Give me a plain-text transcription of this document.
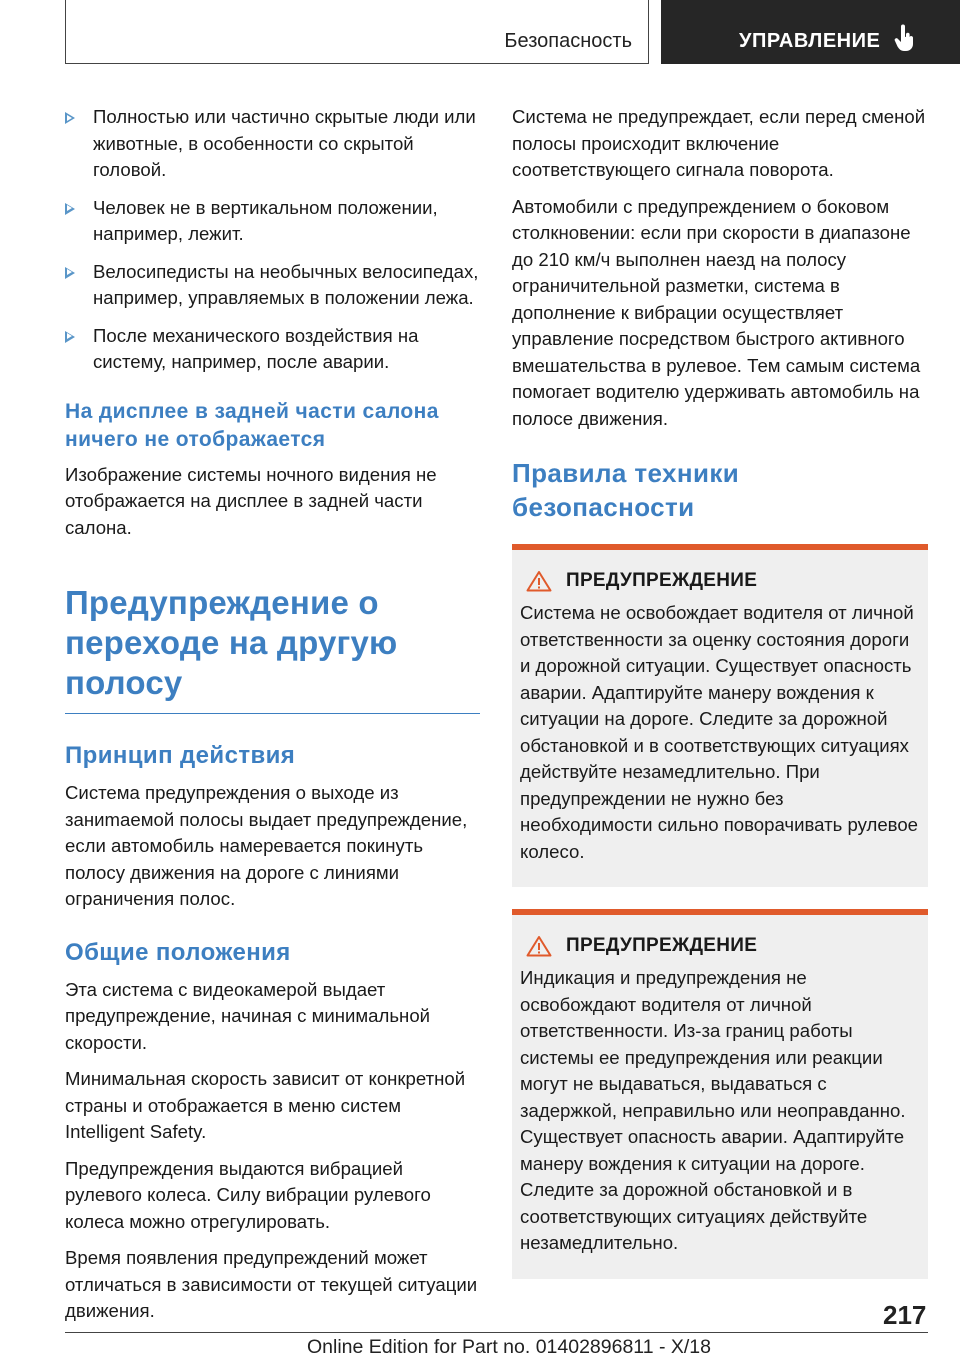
Безопасность	УПРАВЛЕНИЕ
Полностью или частично скрытые люди или животные, в особенности со скрытой головой.
Человек не в вертикальном положении, например, лежит.
Велосипедисты на необычных велосипедах, например, управляемых в положении лежа.
После механического воздействия на систему, например, после аварии.
На дисплее в задней части салона ничего не отображается

Изображение системы ночного видения не отображается на дисплее в задней части салона.

Предупреждение о переходе на другую полосу
Принцип действия

Система предупреждения о выходе из заниmaемой полосы выдает предупреждение, если автомобиль намеревается покинуть полосу движения на дороге с линиями ограничения полос.

Общие положения

Эта система с видеокамерой выдает предупреждение, начиная с минимальной скорости.

Минимальная скорость зависит от конкретной страны и отображается в меню систем Intelligent Safety.

Предупреждения выдаются вибрацией рулевого колеса. Силу вибрации рулевого колеса можно отрегулировать.

Время появления предупреждений может отличаться в зависимости от текущей ситуации движения.

Система не предупреждает, если перед сменой полосы происходит включение соответствующего сигнала поворота.

Автомобили с предупреждением о боковом столкновении: если при скорости в диапазоне до 210 км/ч выполнен наезд на полосу ограничительной разметки, система в дополнение к вибрации осуществляет управление посредством быстрого активного вмешательства в рулевое. Тем самым система помогает водителю удерживать автомобиль на полосе движения.

Правила техники безопасности
ПРЕДУПРЕЖДЕНИЕ

Система не освобождает водителя от личной ответственности за оценку состояния дороги и дорожной ситуации. Существует опасность аварии. Адаптируйте манеру вождения к ситуации на дороге. Следите за дорожной обстановкой и в соответствующих ситуациях действуйте незамедлительно. При предупреждении не нужно без необходимости сильно поворачивать рулевое колесо.

ПРЕДУПРЕЖДЕНИЕ

Индикация и предупреждения не освобождают водителя от личной ответственности. Из-за границ работы системы ее предупреждения или реакции могут не выдаваться, выдаваться с задержкой, неправильно или неоправданно. Существует опасность аварии. Адаптируйте манеру вождения к ситуации на дороге. Следите за дорожной обстановкой и в соответствующих ситуациях действуйте незамедлительно.

217
Online Edition for Part no. 01402896811 - X/18
